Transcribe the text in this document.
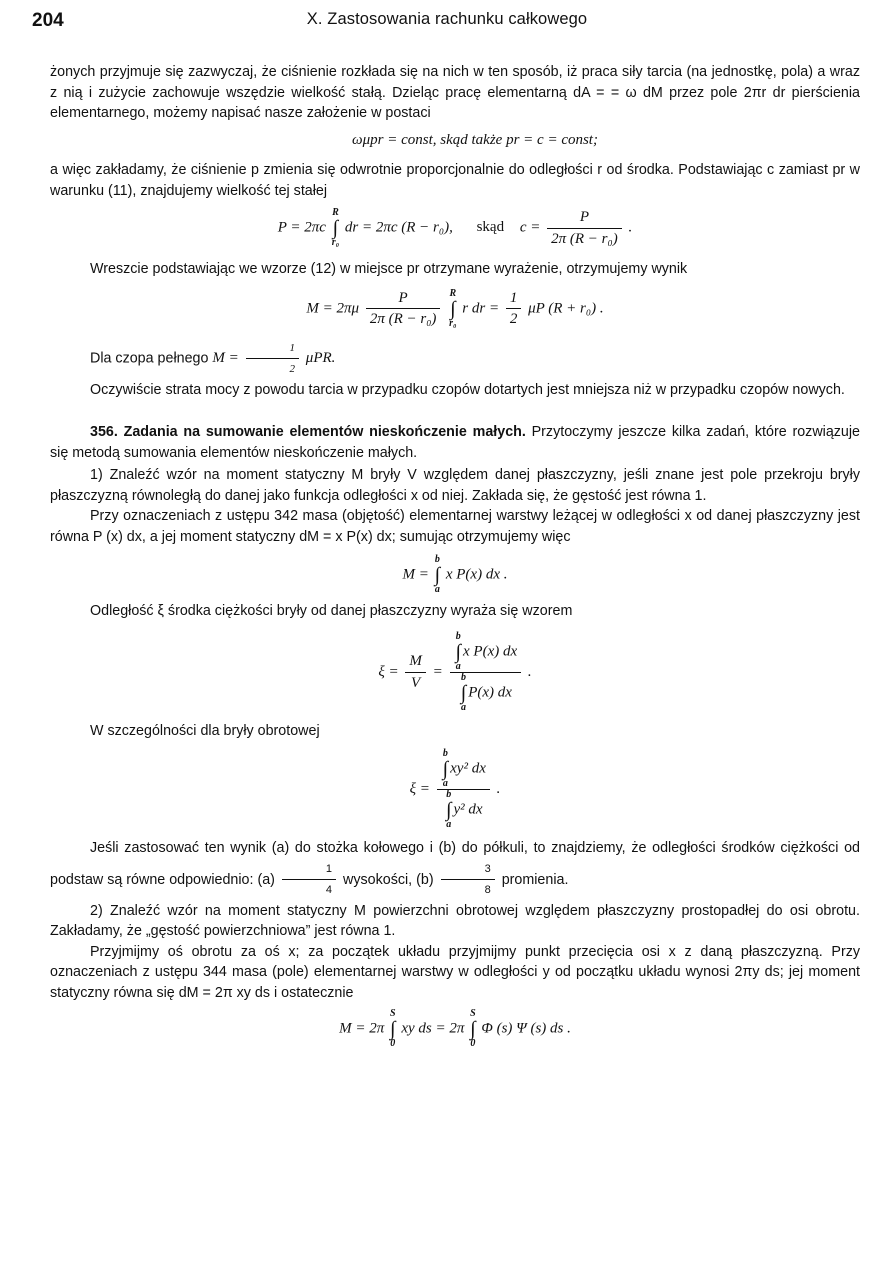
204	X. Zastosowania rachunku całkowego

żonych przyjmuje się zazwyczaj, że ciśnienie rozkłada się na nich w ten sposób, iż praca siły tarcia (na jednostkę, pola) a wraz z nią i zużycie zachowuje wszędzie wielkość stałą. Dzieląc pracę elementarną dA = = ω dM przez pole 2πr dr pierścienia elementarnego, możemy napisać nasze założenie w postaci

ωμpr = const, skąd także pr = c = const;

a więc zakładamy, że ciśnienie p zmienia się odwrotnie proporcjonalnie do odległości r od środka. Podstawiając c zamiast pr w warunku (11), znajdujemy wielkość tej stałej

P = 2πc
R
∫
r₀
dr = 2πc (R − r₀), skąd $c = \frac{P}{\text{2π (R − r₀)}}$ .

Wreszcie podstawiając we wzorze (12) w miejsce pr otrzymane wyrażenie, otrzymujemy wynik

$M = 2\pi\mu \frac{P}{\text{2π (R − r₀)}}$
R
∫
r₀
r dr = $\frac{1}{2}$ μP (R + r₀) .

Dla czopa pełnego $M = \frac{1}{2} \mu PR$.

Oczywiście strata mocy z powodu tarcia w przypadku czopów dotartych jest mniejsza niż w przypadku czopów nowych.

356. Zadania na sumowanie elementów nieskończenie małych. Przytoczymy jeszcze kilka zadań, które rozwiązuje się metodą sumowania elementów nieskończenie małych.

1) Znaleźć wzór na moment statyczny M bryły V względem danej płaszczyzny, jeśli znane jest pole przekroju bryły płaszczyzną równoległą do danej jako funkcja odległości x od niej. Zakłada się, że gęstość jest równa 1.

Przy oznaczeniach z ustępu 342 masa (objętość) elementarnej warstwy leżącej w odległości x od danej płaszczyzny jest równa P (x) dx, a jej moment statyczny dM = x P(x) dx; sumując otrzymujemy więc

M =
b
∫
a
x P(x) dx .

Odległość ξ środka ciężkości bryły od danej płaszczyzny wyraża się wzorem

$\xi = \frac{M}{V} = b$
∫
a
x P(x) dx
b
∫
a
P(x) dx .

W szczególności dla bryły obrotowej

ξ = b
∫
a
xy² dx
b
∫
a
y² dx .

Jeśli zastosować ten wynik (a) do stożka kołowego i (b) do półkuli, to znajdziemy, że odległości środków ciężkości od podstaw są równe odpowiednio: $(a) \frac{1}{4}$ wysokości, $(b) \frac{3}{8}$ promienia.

2) Znaleźć wzór na moment statyczny M powierzchni obrotowej względem płaszczyzny prostopadłej do osi obrotu. Zakładamy, że „gęstość powierzchniowa” jest równa 1.

Przyjmijmy oś obrotu za oś x; za początek układu przyjmijmy punkt przecięcia osi x z daną płaszczyzną. Przy oznaczeniach z ustępu 344 masa (pole) elementarnej warstwy w odległości y od początku układu wynosi 2πy ds; jej moment statyczny równa się dM = 2π xy ds i ostatecznie

M = 2π
S
∫
0
xy ds = 2π
S
∫
0
Φ (s) Ψ (s) ds .
